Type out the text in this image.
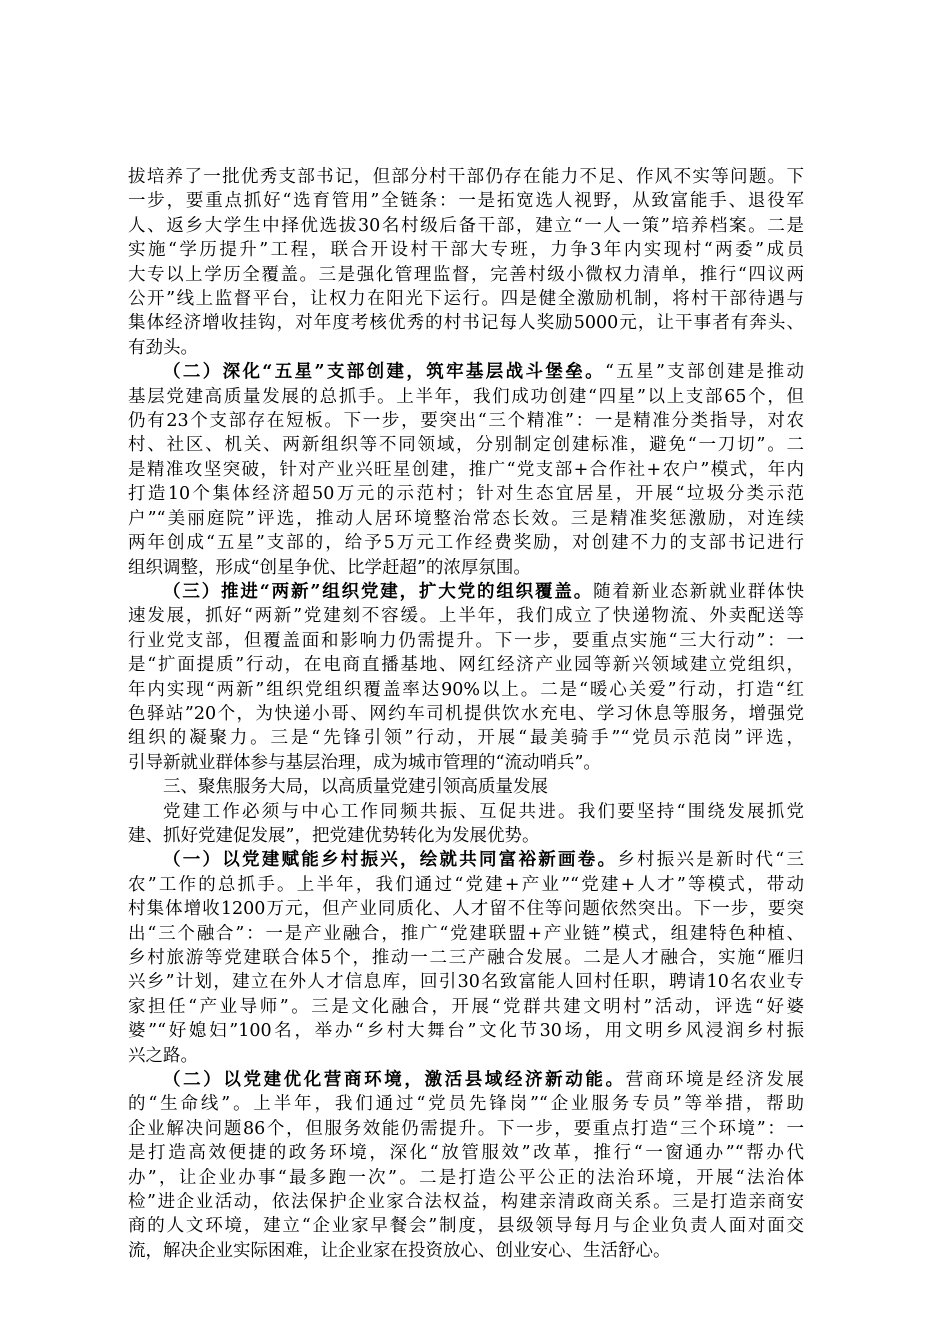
拔培养了一批优秀支部书记，但部分村干部仍存在能力不足、作风不实等问题。下
一步，要重点抓好“选育管用”全链条：一是拓宽选人视野，从致富能手、退役军
人、返乡大学生中择优选拔30名村级后备干部，建立“一人一策”培养档案。二是
实施“学历提升”工程，联合开设村干部大专班，力争3年内实现村“两委”成员
大专以上学历全覆盖。三是强化管理监督，完善村级小微权力清单，推行“四议两
公开”线上监督平台，让权力在阳光下运行。四是健全激励机制，将村干部待遇与
集体经济增收挂钩，对年度考核优秀的村书记每人奖励5000元，让干事者有奔头、
有劲头。
（二）深化“五星”支部创建，筑牢基层战斗堡垒。“五星”支部创建是推动
基层党建高质量发展的总抓手。上半年，我们成功创建“四星”以上支部65个，但
仍有23个支部存在短板。下一步，要突出“三个精准”：一是精准分类指导，对农
村、社区、机关、两新组织等不同领域，分别制定创建标准，避免“一刀切”。二
是精准攻坚突破，针对产业兴旺星创建，推广“党支部+合作社+农户”模式，年内
打造10个集体经济超50万元的示范村；针对生态宜居星，开展“垃圾分类示范
户”“美丽庭院”评选，推动人居环境整治常态长效。三是精准奖惩激励，对连续
两年创成“五星”支部的，给予5万元工作经费奖励，对创建不力的支部书记进行
组织调整，形成“创星争优、比学赶超”的浓厚氛围。
（三）推进“两新”组织党建，扩大党的组织覆盖。随着新业态新就业群体快
速发展，抓好“两新”党建刻不容缓。上半年，我们成立了快递物流、外卖配送等
行业党支部，但覆盖面和影响力仍需提升。下一步，要重点实施“三大行动”：一
是“扩面提质”行动，在电商直播基地、网红经济产业园等新兴领域建立党组织，
年内实现“两新”组织党组织覆盖率达90%以上。二是“暖心关爱”行动，打造“红
色驿站”20个，为快递小哥、网约车司机提供饮水充电、学习休息等服务，增强党
组织的凝聚力。三是“先锋引领”行动，开展“最美骑手”“党员示范岗”评选，
引导新就业群体参与基层治理，成为城市管理的“流动哨兵”。
三、聚焦服务大局，以高质量党建引领高质量发展
党建工作必须与中心工作同频共振、互促共进。我们要坚持“围绕发展抓党
建、抓好党建促发展”，把党建优势转化为发展优势。
（一）以党建赋能乡村振兴，绘就共同富裕新画卷。乡村振兴是新时代“三
农”工作的总抓手。上半年，我们通过“党建+产业”“党建+人才”等模式，带动
村集体增收1200万元，但产业同质化、人才留不住等问题依然突出。下一步，要突
出“三个融合”：一是产业融合，推广“党建联盟+产业链”模式，组建特色种植、
乡村旅游等党建联合体5个，推动一二三产融合发展。二是人才融合，实施“雁归
兴乡”计划，建立在外人才信息库，回引30名致富能人回村任职，聘请10名农业专
家担任“产业导师”。三是文化融合，开展“党群共建文明村”活动，评选“好婆
婆”“好媳妇”100名，举办“乡村大舞台”文化节30场，用文明乡风浸润乡村振
兴之路。
（二）以党建优化营商环境，激活县域经济新动能。营商环境是经济发展
的“生命线”。上半年，我们通过“党员先锋岗”“企业服务专员”等举措，帮助
企业解决问题86个，但服务效能仍需提升。下一步，要重点打造“三个环境”：一
是打造高效便捷的政务环境，深化“放管服效”改革，推行“一窗通办”“帮办代
办”，让企业办事“最多跑一次”。二是打造公平公正的法治环境，开展“法治体
检”进企业活动，依法保护企业家合法权益，构建亲清政商关系。三是打造亲商安
商的人文环境，建立“企业家早餐会”制度，县级领导每月与企业负责人面对面交
流，解决企业实际困难，让企业家在投资放心、创业安心、生活舒心。
